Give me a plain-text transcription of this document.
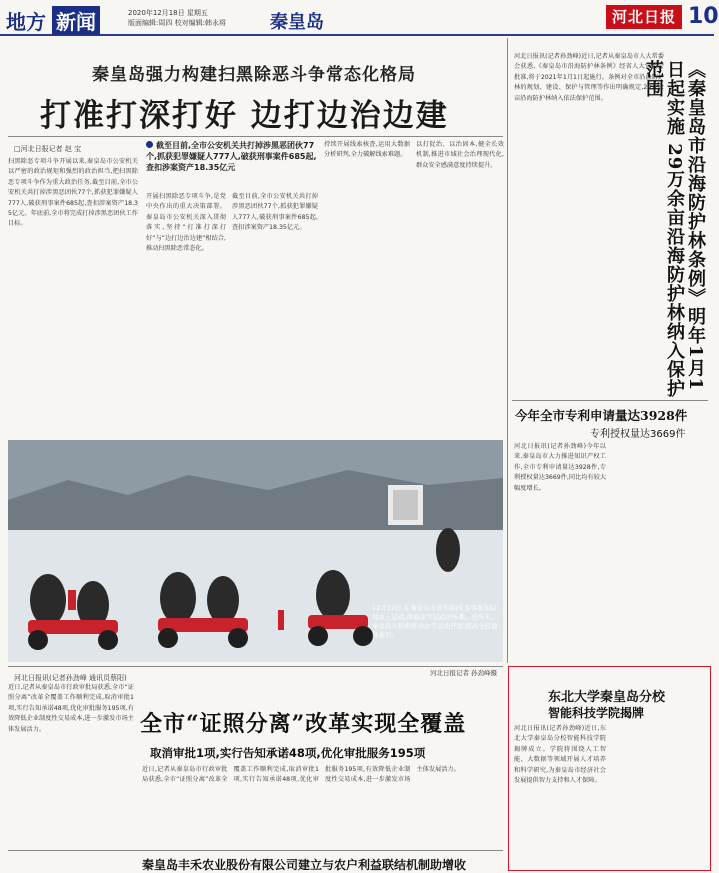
地方 新闻	2020年12月18日 星期五
版面编辑:周四 校对编辑:韩永将 秦皇岛	河北日报 10
秦皇岛强力构建扫黑除恶斗争常态化格局
打准打深打好 边打边治边建
□河北日报记者 赵 宝	截至目前,全市公安机关共打掉涉黑恶团伙77个,抓获犯罪嫌疑人777人,破获刑事案件685起,查扣涉案资产18.35亿元
扫黑除恶专项斗争开展以来,秦皇岛市公安机关以严密的政治规矩和强烈的政治担当,把扫黑除恶专项斗争作为重大政治任务,截至目前,全市公安机关共打掉涉黑恶团伙77个,抓获犯罪嫌疑人777人,破获刑事案件685起,查扣涉案资产18.35亿元。年底前,全市将完成打掉涉黑恶团伙工作目标。
开展扫黑除恶专项斗争,是党中央作出的重大决策部署。秦皇岛市公安机关深入贯彻落实,坚持“打准打深打好”与“边打边治边建”相结合,推动扫黑除恶常态化。
截至目前,全市公安机关共打掉涉黑恶团伙77个,抓获犯罪嫌疑人777人,破获刑事案件685起,查扣涉案资产18.35亿元。
持续开展线索核查,运用大数据分析研判,全力破解线索难题。
以打促治、以治固本,健全长效机制,推进市域社会治理现代化,群众安全感满意度持续提升。
12月12日,在秦皇岛市老年游园,游客参加陆地冰上运动,体验冰雪运动的乐趣。近年来,秦皇岛市积极推动冰雪运动开展,提高全民健身意识。
河北日报记者 孙劲峰摄
河北日报讯(记者孙劲峰)近日,记者从秦皇岛市人大常委会获悉,《秦皇岛市沿海防护林条例》经省人大常委会批准,将于2021年1月1日起施行。条例对全市沿海防护林的规划、建设、保护与管理等作出明确规定,29万余亩沿海防护林纳入依法保护范围。	《秦皇岛市沿海防护林条例》明年1月1日起实施 29万余亩沿海防护林纳入保护范围
今年全市专利申请量达3928件
专利授权量达3669件
河北日报讯(记者孙劲峰)今年以来,秦皇岛市大力推进知识产权工作,全市专利申请量达3928件,专利授权量达3669件,同比均有较大幅度增长。
河北日报讯(记者孙劲峰 通讯员蔡阳)
全市“证照分离”改革实现全覆盖
取消审批1项,实行告知承诺48项,优化审批服务195项
近日,记者从秦皇岛市行政审批局获悉,全市“证照分离”改革全覆盖工作顺利完成,取消审批1项,实行告知承诺48项,优化审批服务195项,有效降低企业制度性交易成本,进一步激发市场主体发展活力。
近日,记者从秦皇岛市行政审批局获悉,全市“证照分离”改革全覆盖工作顺利完成,取消审批1项,实行告知承诺48项,优化审批服务195项,有效降低企业制度性交易成本,进一步激发市场主体发展活力。
东北大学秦皇岛分校
智能科技学院揭牌
河北日报讯(记者孙劲峰)近日,东北大学秦皇岛分校智能科技学院揭牌成立。学院将围绕人工智能、大数据等领域开展人才培养和科学研究,为秦皇岛市经济社会发展提供智力支持和人才保障。
秦皇岛丰禾农业股份有限公司建立与农户利益联结机制助增收
